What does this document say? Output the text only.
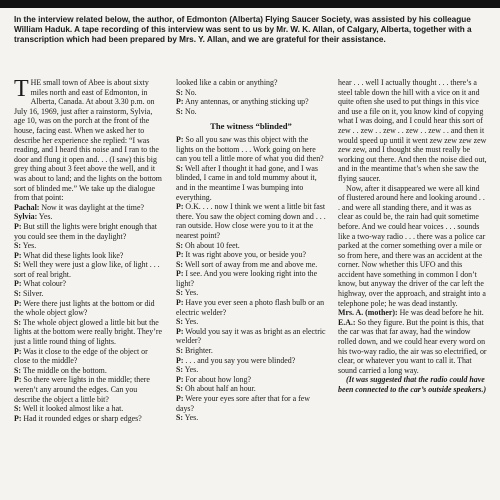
In the interview related below, the author, of Edmonton (Alberta) Flying Saucer Society, was assisted by his colleague William Haduk. A tape recording of this interview was sent to us by Mr. W. K. Allan, of Calgary, Alberta, together with a transcription which had been prepared by Mrs. Y. Allan, and we are grateful for their assistance.

THE small town of Abee is about sixty miles north and east of Edmonton, in Alberta, Canada. At about 3.30 p.m. on July 16, 1969, just after a rainstorm, Sylvia, age 10, was on the porch at the front of the house, facing east. When we asked her to describe her experience she replied: “I was reading, and I heard this noise and I ran to the door and flung it open and. . . (I saw) this big grey thing about 3 feet above the well, and it was about to land; and the lights on the bottom sort of blinded me.” We take up the dialogue from that point:

Pachal: Now it was daylight at the time?

Sylvia: Yes.

P: But still the lights were bright enough that you could see them in the daylight?

S: Yes.

P: What did these lights look like?

S: Well they were just a glow like, of light . . . sort of real bright.

P: What colour?

S: Silver.

P: Were there just lights at the bottom or did the whole object glow?

S: The whole object glowed a little bit but the lights at the bottom were really bright. They’re just a little round thing of lights.

P: Was it close to the edge of the object or close to the middle?

S: The middle on the bottom.

P: So there were lights in the middle; there weren’t any around the edges. Can you describe the object a little bit?

S: Well it looked almost like a hat.

P: Had it rounded edges or sharp edges?

looked like a cabin or anything?

S: No.

P: Any antennas, or anything sticking up?

S: No.

The witness “blinded”

P: So all you saw was this object with the lights on the bottom . . . Work going on here can you tell a little more of what you did then?

S: Well after I thought it had gone, and I was blinded, I came in and told mummy about it, and in the meantime I was bumping into everything.

P: O.K. . . . now I think we went a little bit fast there. You saw the object coming down and . . . ran outside. How close were you to it at the nearest point?

S: Oh about 10 feet.

P: It was right above you, or beside you?

S: Well sort of away from me and above me.

P: I see. And you were looking right into the light?

S: Yes.

P: Have you ever seen a photo flash bulb or an electric welder?

S: Yes.

P: Would you say it was as bright as an electric welder?

S: Brighter.

P: . . . and you say you were blinded?

S: Yes.

P: For about how long?

S: Oh about half an hour.

P: Were your eyes sore after that for a few days?

S: Yes.

hear . . . well I actually thought . . . there’s a steel table down the hill with a vice on it and quite often she used to put things in this vice and use a file on it, you know kind of copying what I was doing, and I could hear this sort of zew . . zew . . zew . . zew . . zew . . and then it would speed up until it went zew zew zew zew zew zew, and I thought she must really be working out there. And then the noise died out, and in the meantime that’s when she saw the flying saucer.

Now, after it disappeared we were all kind of flustered around here and looking around . . . and were all standing there, and it was as clear as could be, the rain had quit sometime before. And we could hear voices . . . sounds like a two-way radio . . . there was a police car parked at the corner something over a mile or so from here, and there was an accident at the corner. Now whether this UFO and this accident have something in common I don’t know, but anyway the driver of the car left the highway, over the approach, and straight into a telephone pole; he was dead instantly.

Mrs. A. (mother): He was dead before he hit.

E.A.: So they figure. But the point is this, that the car was that far away, had the window rolled down, and we could hear every word on his two-way radio, the air was so electrified, or clear, or whatever you want to call it. That sound carried a long way.

(It was suggested that the radio could have been connected to the car’s outside speakers.)
